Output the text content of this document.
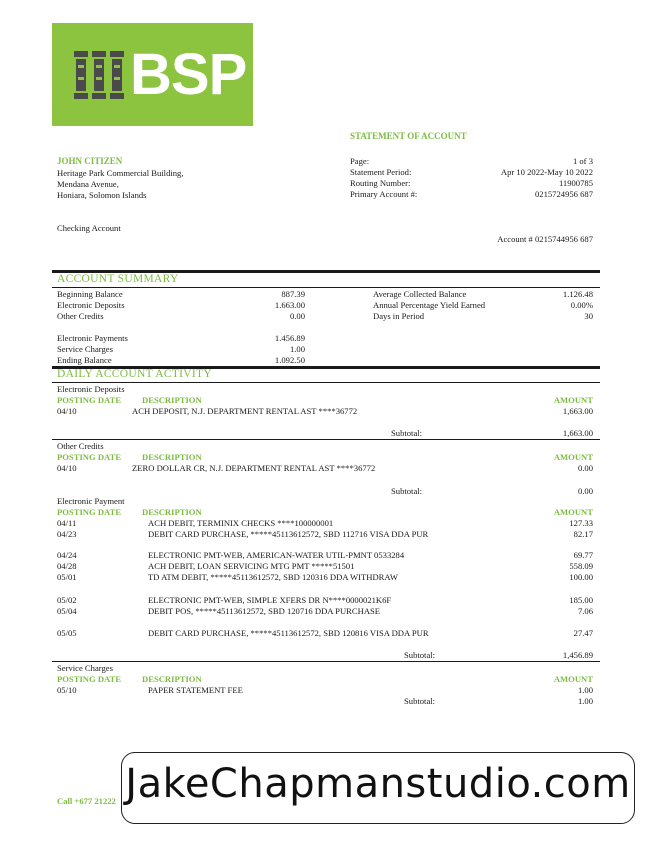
BSP
STATEMENT OF ACCOUNT
JOHN CITIZEN
Heritage Park Commercial Building,
Mendana Avenue,
Honiara, Solomon Islands
Page:	1 of 3
Statement Period:	Apr 10 2022-May 10 2022
Routing Number:	11900785
Primary Account #:	0215724956 687
Checking Account
Account # 0215744956 687
ACCOUNT SUMMARY
Beginning Balance	887.39
Electronic Deposits	1.663.00
Other Credits	0.00
Electronic Payments	1.456.89
Service Charges	1.00
Ending Balance	1.092.50
Average Collected Balance	1.126.48
Annual Percentage Yield Earned	0.00%
Days in Period	30
DAILY ACCOUNT ACTIVITY
Electronic Deposits
POSTING DATE DESCRIPTION	AMOUNT
04/10	ACH DEPOSIT, N.J. DEPARTMENT RENTAL AST ****36772	1,663.00
Subtotal:	1,663.00
Other Credits
POSTING DATE DESCRIPTION	AMOUNT
04/10	ZERO DOLLAR CR, N.J. DEPARTMENT RENTAL AST ****36772	0.00
Subtotal:	0.00
Electronic Payment
POSTING DATE DESCRIPTION	AMOUNT
04/11	ACH DEBIT, TERMINIX CHECKS ****100000001	127.33
04/23	DEBIT CARD PURCHASE, *****45113612572, SBD 112716 VISA DDA PUR	82.17
04/24	ELECTRONIC PMT-WEB, AMERICAN-WATER UTIL-PMNT 0533284	69.77
04/28	ACH DEBIT, LOAN SERVICING MTG PMT *****51501	558.09
05/01	TD ATM DEBIT, *****45113612572, SBD 120316 DDA WITHDRAW	100.00
05/02	ELECTRONIC PMT-WEB, SIMPLE XFERS DR N****0000021K6F	185.00
05/04	DEBIT POS, *****45113612572, SBD 120716 DDA PURCHASE	7.06
05/05	DEBIT CARD PURCHASE, *****45113612572, SBD 120816 VISA DDA PUR	27.47
Subtotal:	1,456.89
Service Charges
POSTING DATE DESCRIPTION	AMOUNT
05/10	PAPER STATEMENT FEE	1.00
Subtotal:	1.00
Call +677 21222 JakeChapmanstudio.com
